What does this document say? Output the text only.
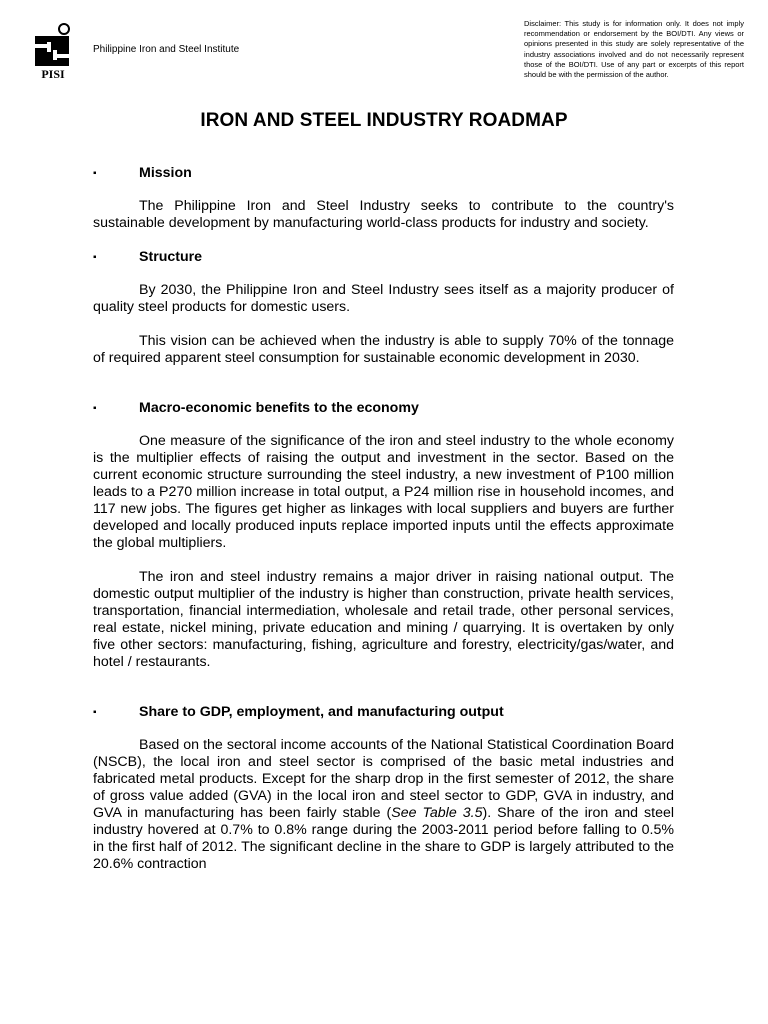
PISI
Philippine Iron and Steel Institute
Disclaimer: This study is for information only. It does not imply recommendation or endorsement by the BOI/DTI. Any views or opinions presented in this study are solely representative of the industry associations involved and do not necessarily represent those of the BOI/DTI. Use of any part or excerpts of this report should be with the permission of the author.
IRON AND STEEL INDUSTRY ROADMAP
▪	Mission

The Philippine Iron and Steel Industry seeks to contribute to the country's sustainable development by manufacturing world-class products for industry and society.

▪	Structure

By 2030, the Philippine Iron and Steel Industry sees itself as a majority producer of quality steel products for domestic users.

This vision can be achieved when the industry is able to supply 70% of the tonnage of required apparent steel consumption for sustainable economic development in 2030.

▪	Macro-economic benefits to the economy

One measure of the significance of the iron and steel industry to the whole economy is the multiplier effects of raising the output and investment in the sector. Based on the current economic structure surrounding the steel industry, a new investment of P100 million leads to a P270 million increase in total output, a P24 million rise in household incomes, and 117 new jobs. The figures get higher as linkages with local suppliers and buyers are further developed and locally produced inputs replace imported inputs until the effects approximate the global multipliers.

The iron and steel industry remains a major driver in raising national output. The domestic output multiplier of the industry is higher than construction, private health services, transportation, financial intermediation, wholesale and retail trade, other personal services, real estate, nickel mining, private education and mining / quarrying. It is overtaken by only five other sectors: manufacturing, fishing, agriculture and forestry, electricity/gas/water, and hotel / restaurants.

▪	Share to GDP, employment, and manufacturing output

Based on the sectoral income accounts of the National Statistical Coordination Board (NSCB), the local iron and steel sector is comprised of the basic metal industries and fabricated metal products. Except for the sharp drop in the first semester of 2012, the share of gross value added (GVA) in the local iron and steel sector to GDP, GVA in industry, and GVA in manufacturing has been fairly stable (See Table 3.5). Share of the iron and steel industry hovered at 0.7% to 0.8% range during the 2003-2011 period before falling to 0.5% in the first half of 2012. The significant decline in the share to GDP is largely attributed to the 20.6% contraction
